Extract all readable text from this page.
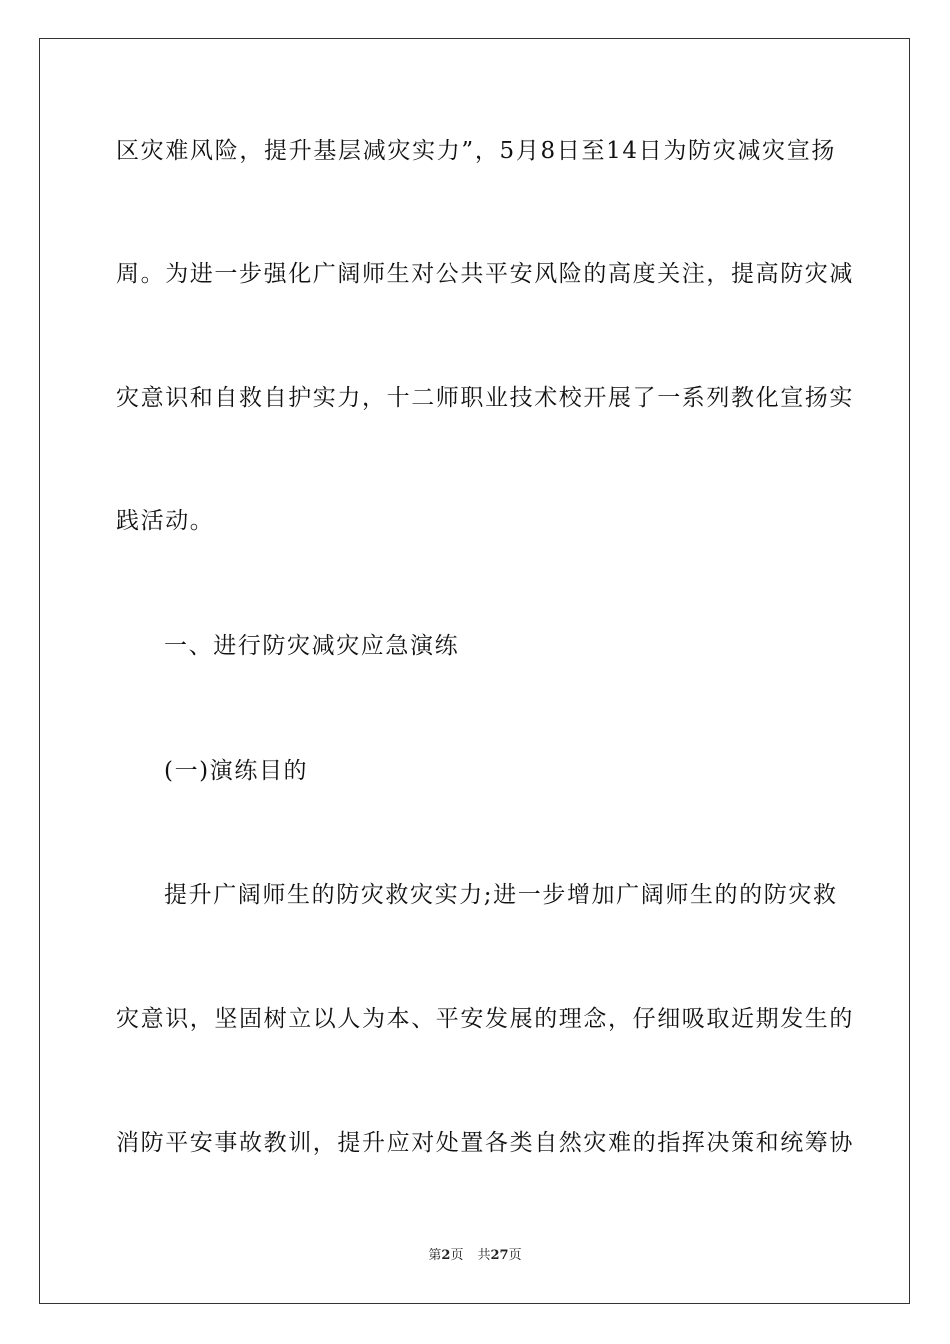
区灾难风险，提升基层减灾实力”，5月8日至14日为防灾减灾宣扬
周。为进一步强化广阔师生对公共平安风险的高度关注，提高防灾减
灾意识和自救自护实力，十二师职业技术校开展了一系列教化宣扬实
践活动。
一、进行防灾减灾应急演练
(一)演练目的
提升广阔师生的防灾救灾实力;进一步增加广阔师生的的防灾救
灾意识，坚固树立以人为本、平安发展的理念，仔细吸取近期发生的
消防平安事故教训，提升应对处置各类自然灾难的指挥决策和统筹协
第2页 共27页
